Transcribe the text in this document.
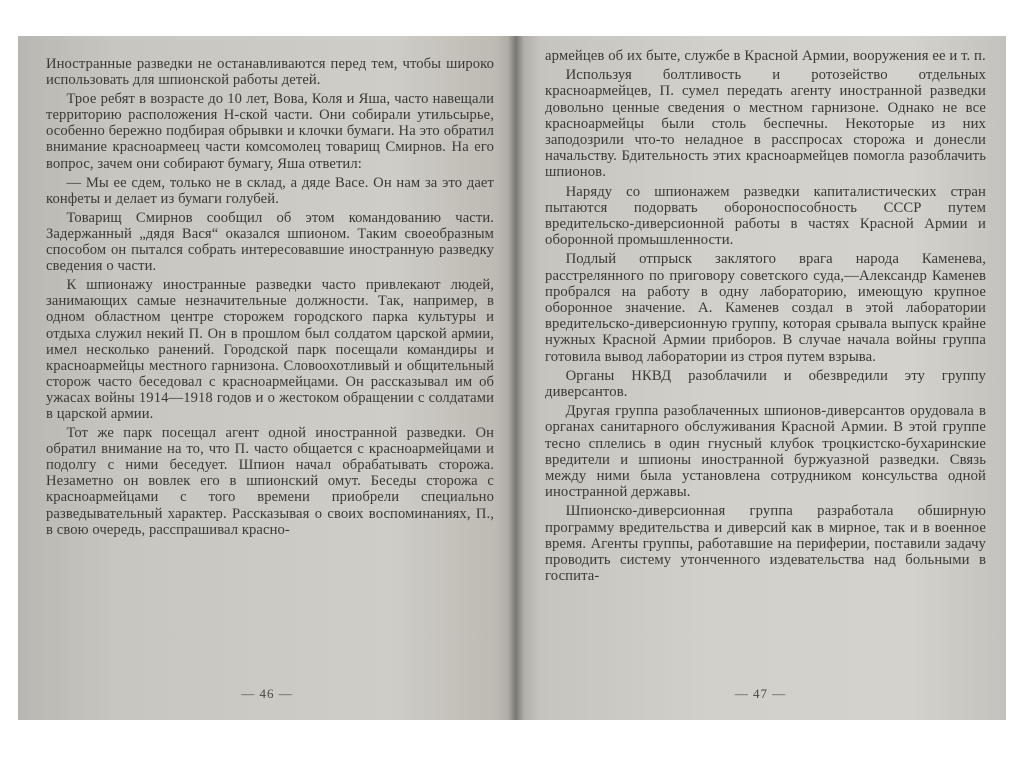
Иностранные разведки не останавливаются перед тем, чтобы широко использовать для шпионской работы детей.

Трое ребят в возрасте до 10 лет, Вова, Коля и Яша, часто навещали территорию расположения Н-ской части. Они собирали утильсырье, особенно бережно подбирая обрывки и клочки бумаги. На это обратил внимание красноармеец части комсомолец товарищ Смирнов. На его вопрос, зачем они собирают бумагу, Яша ответил:

— Мы ее сдем, только не в склад, а дяде Васе. Он нам за это дает конфеты и делает из бумаги голубей.

Товарищ Смирнов сообщил об этом командованию части. Задержанный „дядя Вася“ оказался шпионом. Таким своеобразным способом он пытался собрать интересовавшие иностранную разведку сведения о части.

К шпионажу иностранные разведки часто привлекают людей, занимающих самые незначительные должности. Так, например, в одном областном центре сторожем городского парка культуры и отдыха служил некий П. Он в прошлом был солдатом царской армии, имел несколько ранений. Городской парк посещали командиры и красноармейцы местного гарнизона. Словоохотливый и общительный сторож часто беседовал с красноармейцами. Он рассказывал им об ужасах войны 1914—1918 годов и о жестоком обращении с солдатами в царской армии.

Тот же парк посещал агент одной иностранной разведки. Он обратил внимание на то, что П. часто общается с красноармейцами и подолгу с ними беседует. Шпион начал обрабатывать сторожа. Незаметно он вовлек его в шпионский омут. Беседы сторожа с красноармейцами с того времени приобрели специально разведывательный характер. Рассказывая о своих воспоминаниях, П., в свою очередь, расспрашивал красно-

— 46 —

армейцев об их быте, службе в Красной Армии, вооружения ее и т. п.

Используя болтливость и ротозейство отдельных красноармейцев, П. сумел передать агенту иностранной разведки довольно ценные сведения о местном гарнизоне. Однако не все красноармейцы были столь беспечны. Некоторые из них заподозрили что-то неладное в расспросах сторожа и донесли начальству. Бдительность этих красноармейцев помогла разоблачить шпионов.

Наряду со шпионажем разведки капиталистических стран пытаются подорвать обороноспособность СССР путем вредительско-диверсионной работы в частях Красной Армии и оборонной промышленности.

Подлый отпрыск заклятого врага народа Каменева, расстрелянного по приговору советского суда,—Александр Каменев пробрался на работу в одну лабораторию, имеющую крупное оборонное значение. А. Каменев создал в этой лаборатории вредительско-диверсионную группу, которая срывала выпуск крайне нужных Красной Армии приборов. В случае начала войны группа готовила вывод лаборатории из строя путем взрыва.

Органы НКВД разоблачили и обезвредили эту группу диверсантов.

Другая группа разоблаченных шпионов-диверсантов орудовала в органах санитарного обслуживания Красной Армии. В этой группе тесно сплелись в один гнусный клубок троцкистско-бухаринские вредители и шпионы иностранной буржуазной разведки. Связь между ними была установлена сотрудником консульства одной иностранной державы.

Шпионско-диверсионная группа разработала обширную программу вредительства и диверсий как в мирное, так и в военное время. Агенты группы, работавшие на периферии, поставили задачу проводить систему утонченного издевательства над больными в госпита-

— 47 —
